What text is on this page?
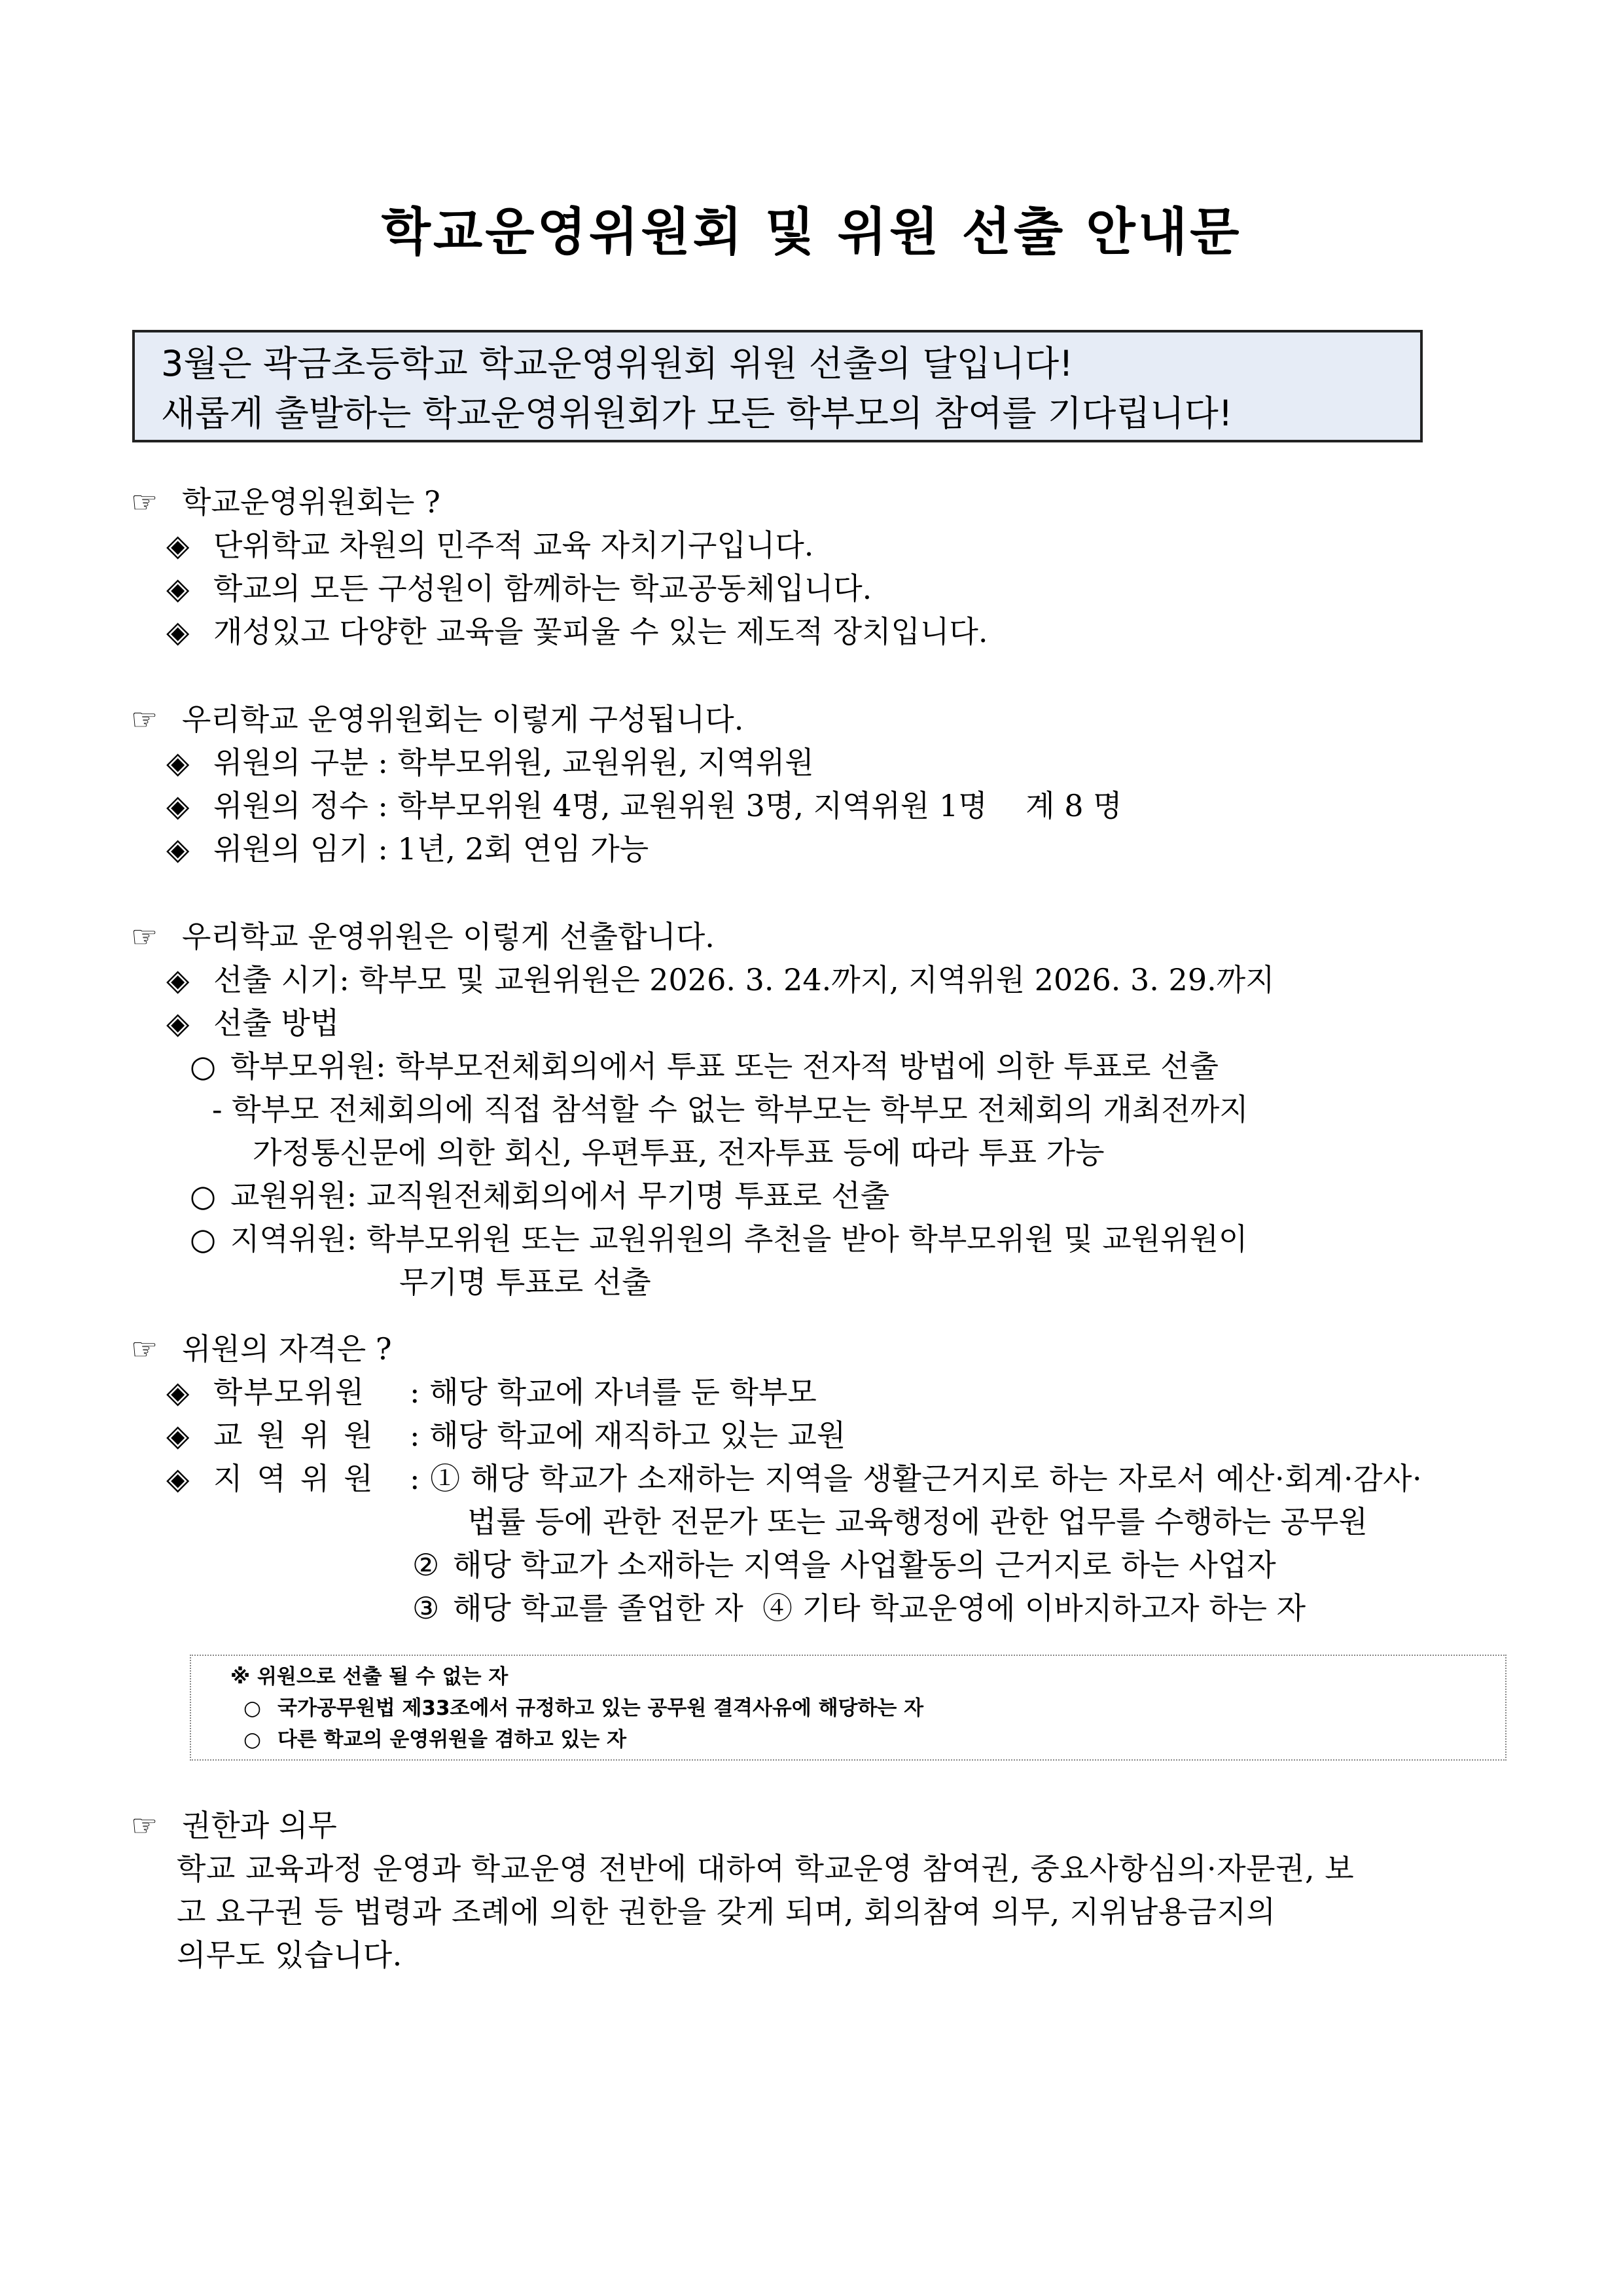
학교운영위원회 및 위원 선출 안내문
3월은 곽금초등학교 학교운영위원회 위원 선출의 달입니다!
새롭게 출발하는 학교운영위원회가 모든 학부모의 참여를 기다립니다!
☞ 학교운영위원회는 ?
◈ 단위학교 차원의 민주적 교육 자치기구입니다.
◈ 학교의 모든 구성원이 함께하는 학교공동체입니다.
◈ 개성있고 다양한 교육을 꽃피울 수 있는 제도적 장치입니다.
☞ 우리학교 운영위원회는 이렇게 구성됩니다.
◈ 위원의 구분 : 학부모위원, 교원위원, 지역위원
◈ 위원의 정수 : 학부모위원 4명, 교원위원 3명, 지역위원 1명    계 8 명
◈ 위원의 임기 : 1년, 2회 연임 가능
☞ 우리학교 운영위원은 이렇게 선출합니다.
◈ 선출 시기: 학부모 및 교원위원은 2026. 3. 24.까지, 지역위원 2026. 3. 29.까지
◈ 선출 방법
○ 학부모위원: 학부모전체회의에서 투표 또는 전자적 방법에 의한 투표로 선출
- 학부모 전체회의에 직접 참석할 수 없는 학부모는 학부모 전체회의 개최전까지
가정통신문에 의한 회신, 우편투표, 전자투표 등에 따라 투표 가능
○ 교원위원: 교직원전체회의에서 무기명 투표로 선출
○ 지역위원: 학부모위원 또는 교원위원의 추천을 받아 학부모위원 및 교원위원이
무기명 투표로 선출
☞ 위원의 자격은 ?
◈ 학부모위원 : 해당 학교에 자녀를 둔 학부모
◈ 교원위원 : 해당 학교에 재직하고 있는 교원
◈ 지역위원 : ① 해당 학교가 소재하는 지역을 생활근거지로 하는 자로서 예산·회계·감사·
법률 등에 관한 전문가 또는 교육행정에 관한 업무를 수행하는 공무원
② 해당 학교가 소재하는 지역을 사업활동의 근거지로 하는 사업자
③ 해당 학교를 졸업한 자  ④ 기타 학교운영에 이바지하고자 하는 자
※ 위원으로 선출 될 수 없는 자
○ 국가공무원법 제33조에서 규정하고 있는 공무원 결격사유에 해당하는 자
○ 다른 학교의 운영위원을 겸하고 있는 자
☞ 권한과 의무
학교 교육과정 운영과 학교운영 전반에 대하여 학교운영 참여권, 중요사항심의·자문권, 보
고 요구권 등 법령과 조례에 의한 권한을 갖게 되며, 회의참여 의무, 지위남용금지의
의무도 있습니다.
